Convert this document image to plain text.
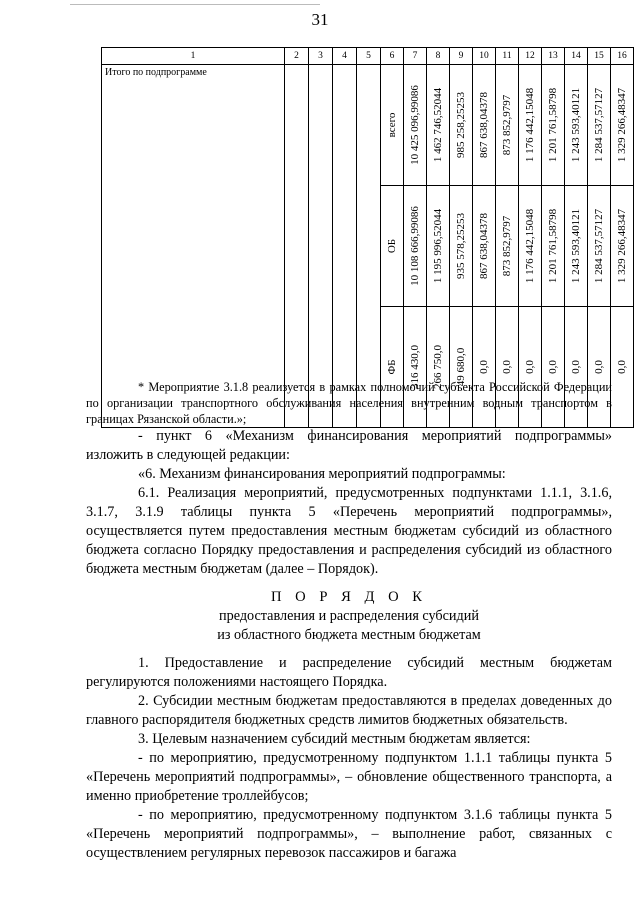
31
1	2	3	4	5	6	7	8	9	10	11	12	13	14	15	16
Итого по подпрограмме					всего	10 425 096,99086	1 462 746,52044	985 258,25253	867 638,04378	873 852,9797	1 176 442,15048	1 201 761,58798	1 243 593,40121	1 284 537,57127	1 329 266,48347

					ОБ	10 108 666,99086	1 195 996,52044	935 578,25253	867 638,04378	873 852,9797	1 176 442,15048	1 201 761,58798	1 243 593,40121	1 284 537,57127	1 329 266,48347

					ФБ	316 430,0	266 750,0	49 680,0	0,0	0,0	0,0	0,0	0,0	0,0	0,0

* Мероприятие 3.1.8 реализуется в рамках полномочий субъекта Российской Федерации по организации транспортного обслуживания населения внутренним водным транспортом в границах Рязанской области.»;

- пункт 6 «Механизм финансирования мероприятий подпрограммы» изложить в следующей редакции:

«6. Механизм финансирования мероприятий подпрограммы:

6.1. Реализация мероприятий, предусмотренных подпунктами 1.1.1, 3.1.6, 3.1.7, 3.1.9 таблицы пункта 5 «Перечень мероприятий подпрограммы», осуществляется путем предоставления местным бюджетам субсидий из областного бюджета согласно Порядку предоставления и распределения субсидий из областного бюджета местным бюджетам (далее – Порядок).

П О Р Я Д О К

предоставления и распределения субсидий

из областного бюджета местным бюджетам

1. Предоставление и распределение субсидий местным бюджетам регулируются положениями настоящего Порядка.

2. Субсидии местным бюджетам предоставляются в пределах доведенных до главного распорядителя бюджетных средств лимитов бюджетных обязательств.

3. Целевым назначением субсидий местным бюджетам является:

- по мероприятию, предусмотренному подпунктом 1.1.1 таблицы пункта 5 «Перечень мероприятий подпрограммы», – обновление общественного транспорта, а именно приобретение троллейбусов;

- по мероприятию, предусмотренному подпунктом 3.1.6 таблицы пункта 5 «Перечень мероприятий подпрограммы», – выполнение работ, связанных с осуществлением регулярных перевозок пассажиров и багажа
